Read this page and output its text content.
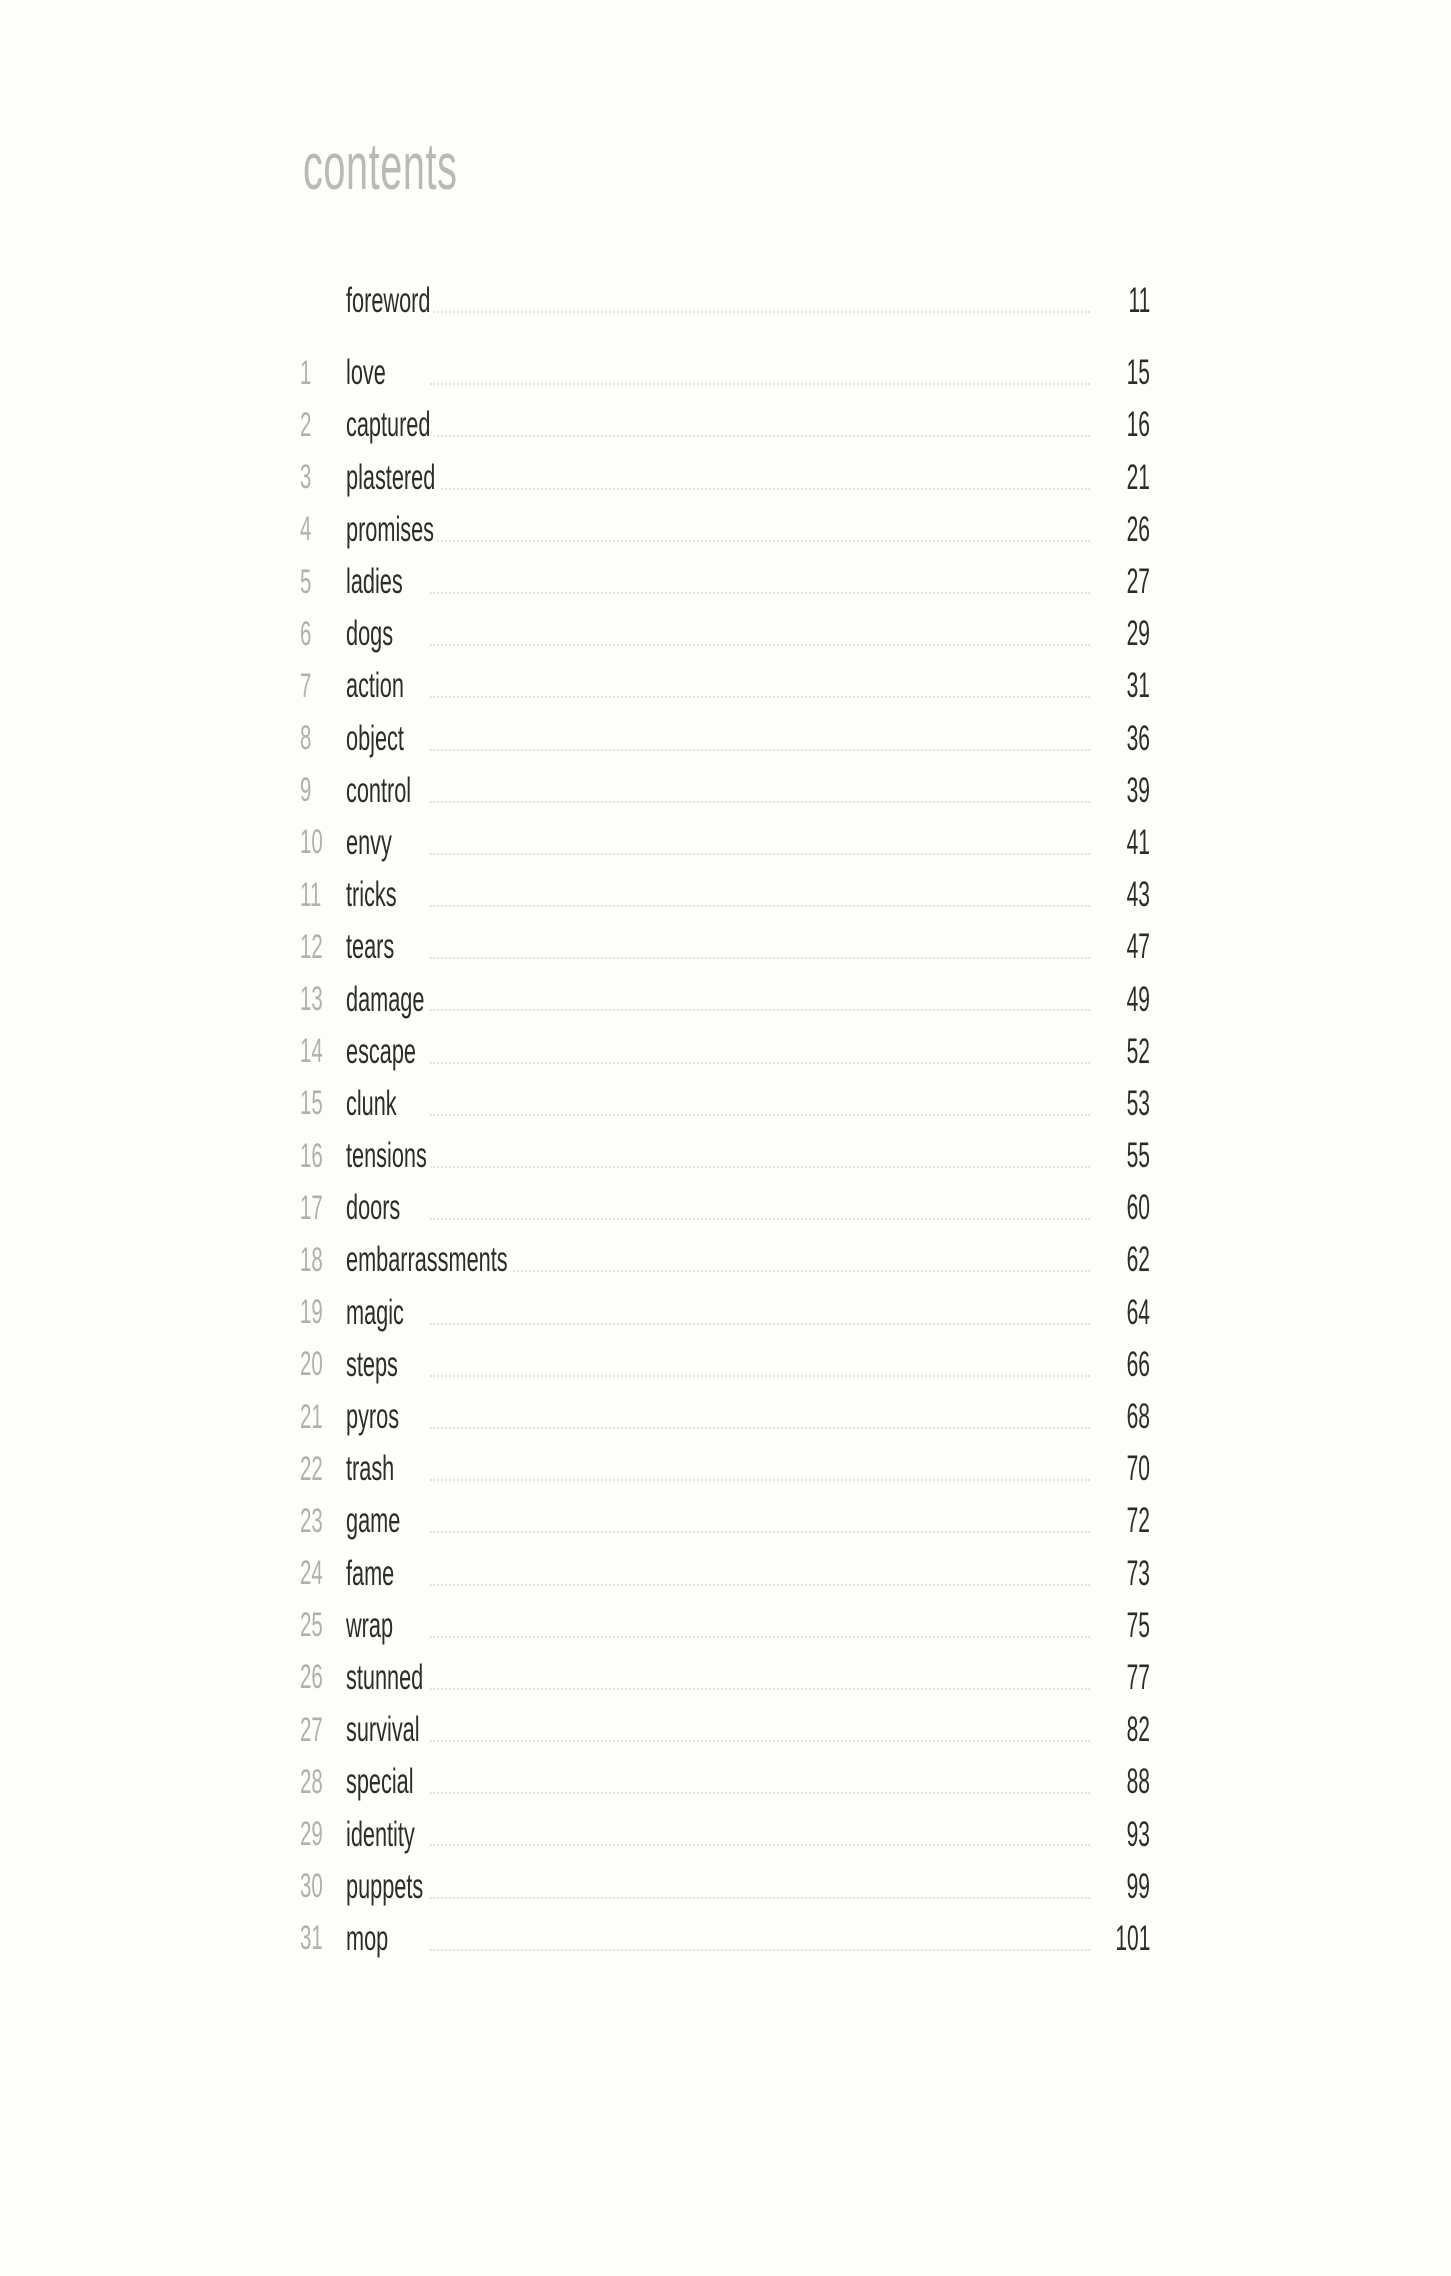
contents
foreword	11
1 love	15
2 captured	16
3 plastered	21
4 promises	26
5 ladies	27
6 dogs	29
7 action	31
8 object	36
9 control	39
10 envy	41
11 tricks	43
12 tears	47
13 damage	49
14 escape	52
15 clunk	53
16 tensions	55
17 doors	60
18 embarrassments	62
19 magic	64
20 steps	66
21 pyros	68
22 trash	70
23 game	72
24 fame	73
25 wrap	75
26 stunned	77
27 survival	82
28 special	88
29 identity	93
30 puppets	99
31 mop	101
